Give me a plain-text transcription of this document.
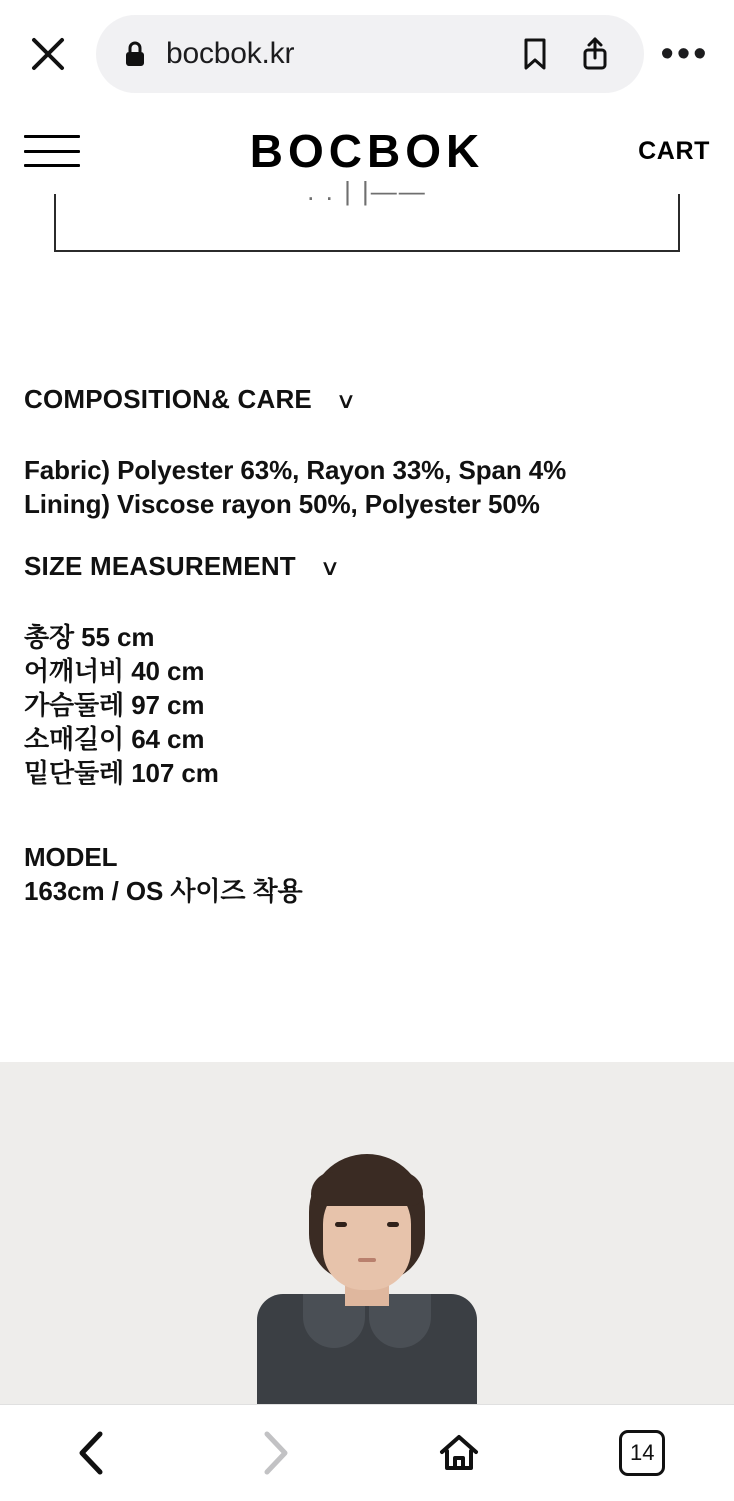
bocbok.kr	•••
BOCBOK	CART
. . | |——
COMPOSITION& CARE ∨
Fabric) Polyester 63%, Rayon 33%, Span 4%
Lining) Viscose rayon 50%, Polyester 50%
SIZE MEASUREMENT ∨
총장 55 cm
어깨너비 40 cm
가슴둘레 97 cm
소매길이 64 cm
밑단둘레 107 cm
MODEL
163cm / OS 사이즈 착용
14
